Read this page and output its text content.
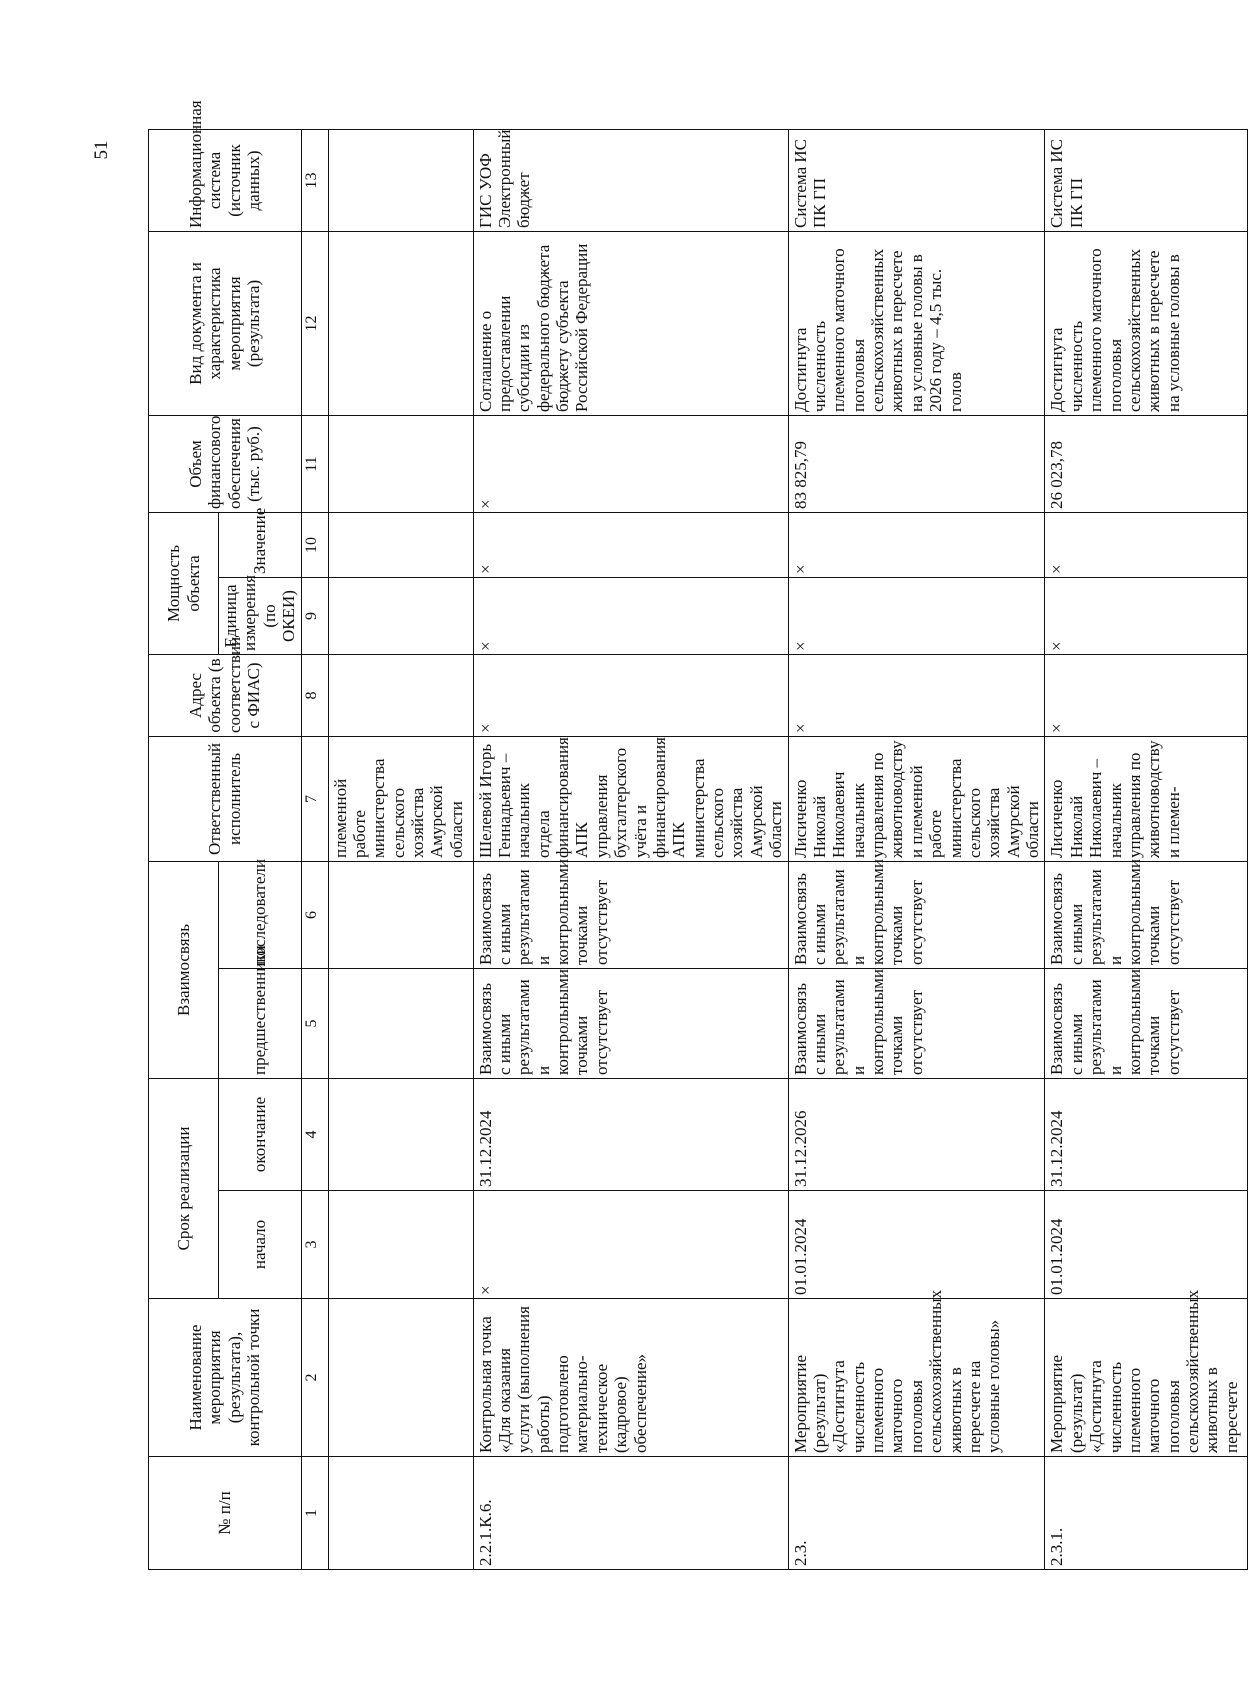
51
№ п/п	Наименование мероприятия (результата), контрольной точки	Срок реализации		Взаимосвязь		Ответственный исполнитель	Адрес объекта (в соответствии с ФИАС)	Мощность объекта		Объем финансового обеспечения (тыс. руб.)	Вид документа и характеристика мероприятия (результата)	Информационная система (источник данных)
		начало	окончание	предшественники	последователи			Единица измерения (по ОКЕИ)	Значение			
1	2	3	4	5	6	7	8	9	10	11	12	13
						племенной работе министерства сельского хозяйства Амурской области						
2.2.1.К.6.	Контрольная точка «Для оказания услуги (выполнения работы) подготовлено материально-техническое (кадровое) обеспечение»	×	31.12.2024	Взаимосвязь с иными результатами и контрольными точками отсутствует	Взаимосвязь с иными результатами и контрольными точками отсутствует	Шелевой Игорь Геннадьевич – начальник отдела финансирования АПК управления бухгалтерского учёта и финансирования АПК министерства сельского хозяйства Амурской области	×	×	×	×	Соглашение о предоставлении субсидии из федерального бюджета бюджету субъекта Российской Федерации	ГИС УОФ Электронный бюджет
2.3.	Мероприятие (результат) «Достигнута численность племенного маточного поголовья сельскохозяйственных животных в пересчете на условные головы»	01.01.2024	31.12.2026	Взаимосвязь с иными результатами и контрольными точками отсутствует	Взаимосвязь с иными результатами и контрольными точками отсутствует	Лисиченко Николай Николаевич начальник управления по животноводству и племенной работе министерства сельского хозяйства Амурской области	×	×	×	83 825,79	Достигнута численность племенного маточного поголовья сельскохозяйственных животных в пересчете на условные головы в 2026 году – 4,5 тыс. голов	Система ИС ПК ГП
2.3.1.	Мероприятие (результат) «Достигнута численность племенного маточного поголовья сельскохозяйственных животных в пересчете	01.01.2024	31.12.2024	Взаимосвязь с иными результатами и контрольными точками отсутствует	Взаимосвязь с иными результатами и контрольными точками отсутствует	Лисиченко Николай Николаевич – начальник управления по животноводству и племен-	×	×	×	26 023,78	Достигнута численность племенного маточного поголовья сельскохозяйственных животных в пересчете на условные головы в	Система ИС ПК ГП
